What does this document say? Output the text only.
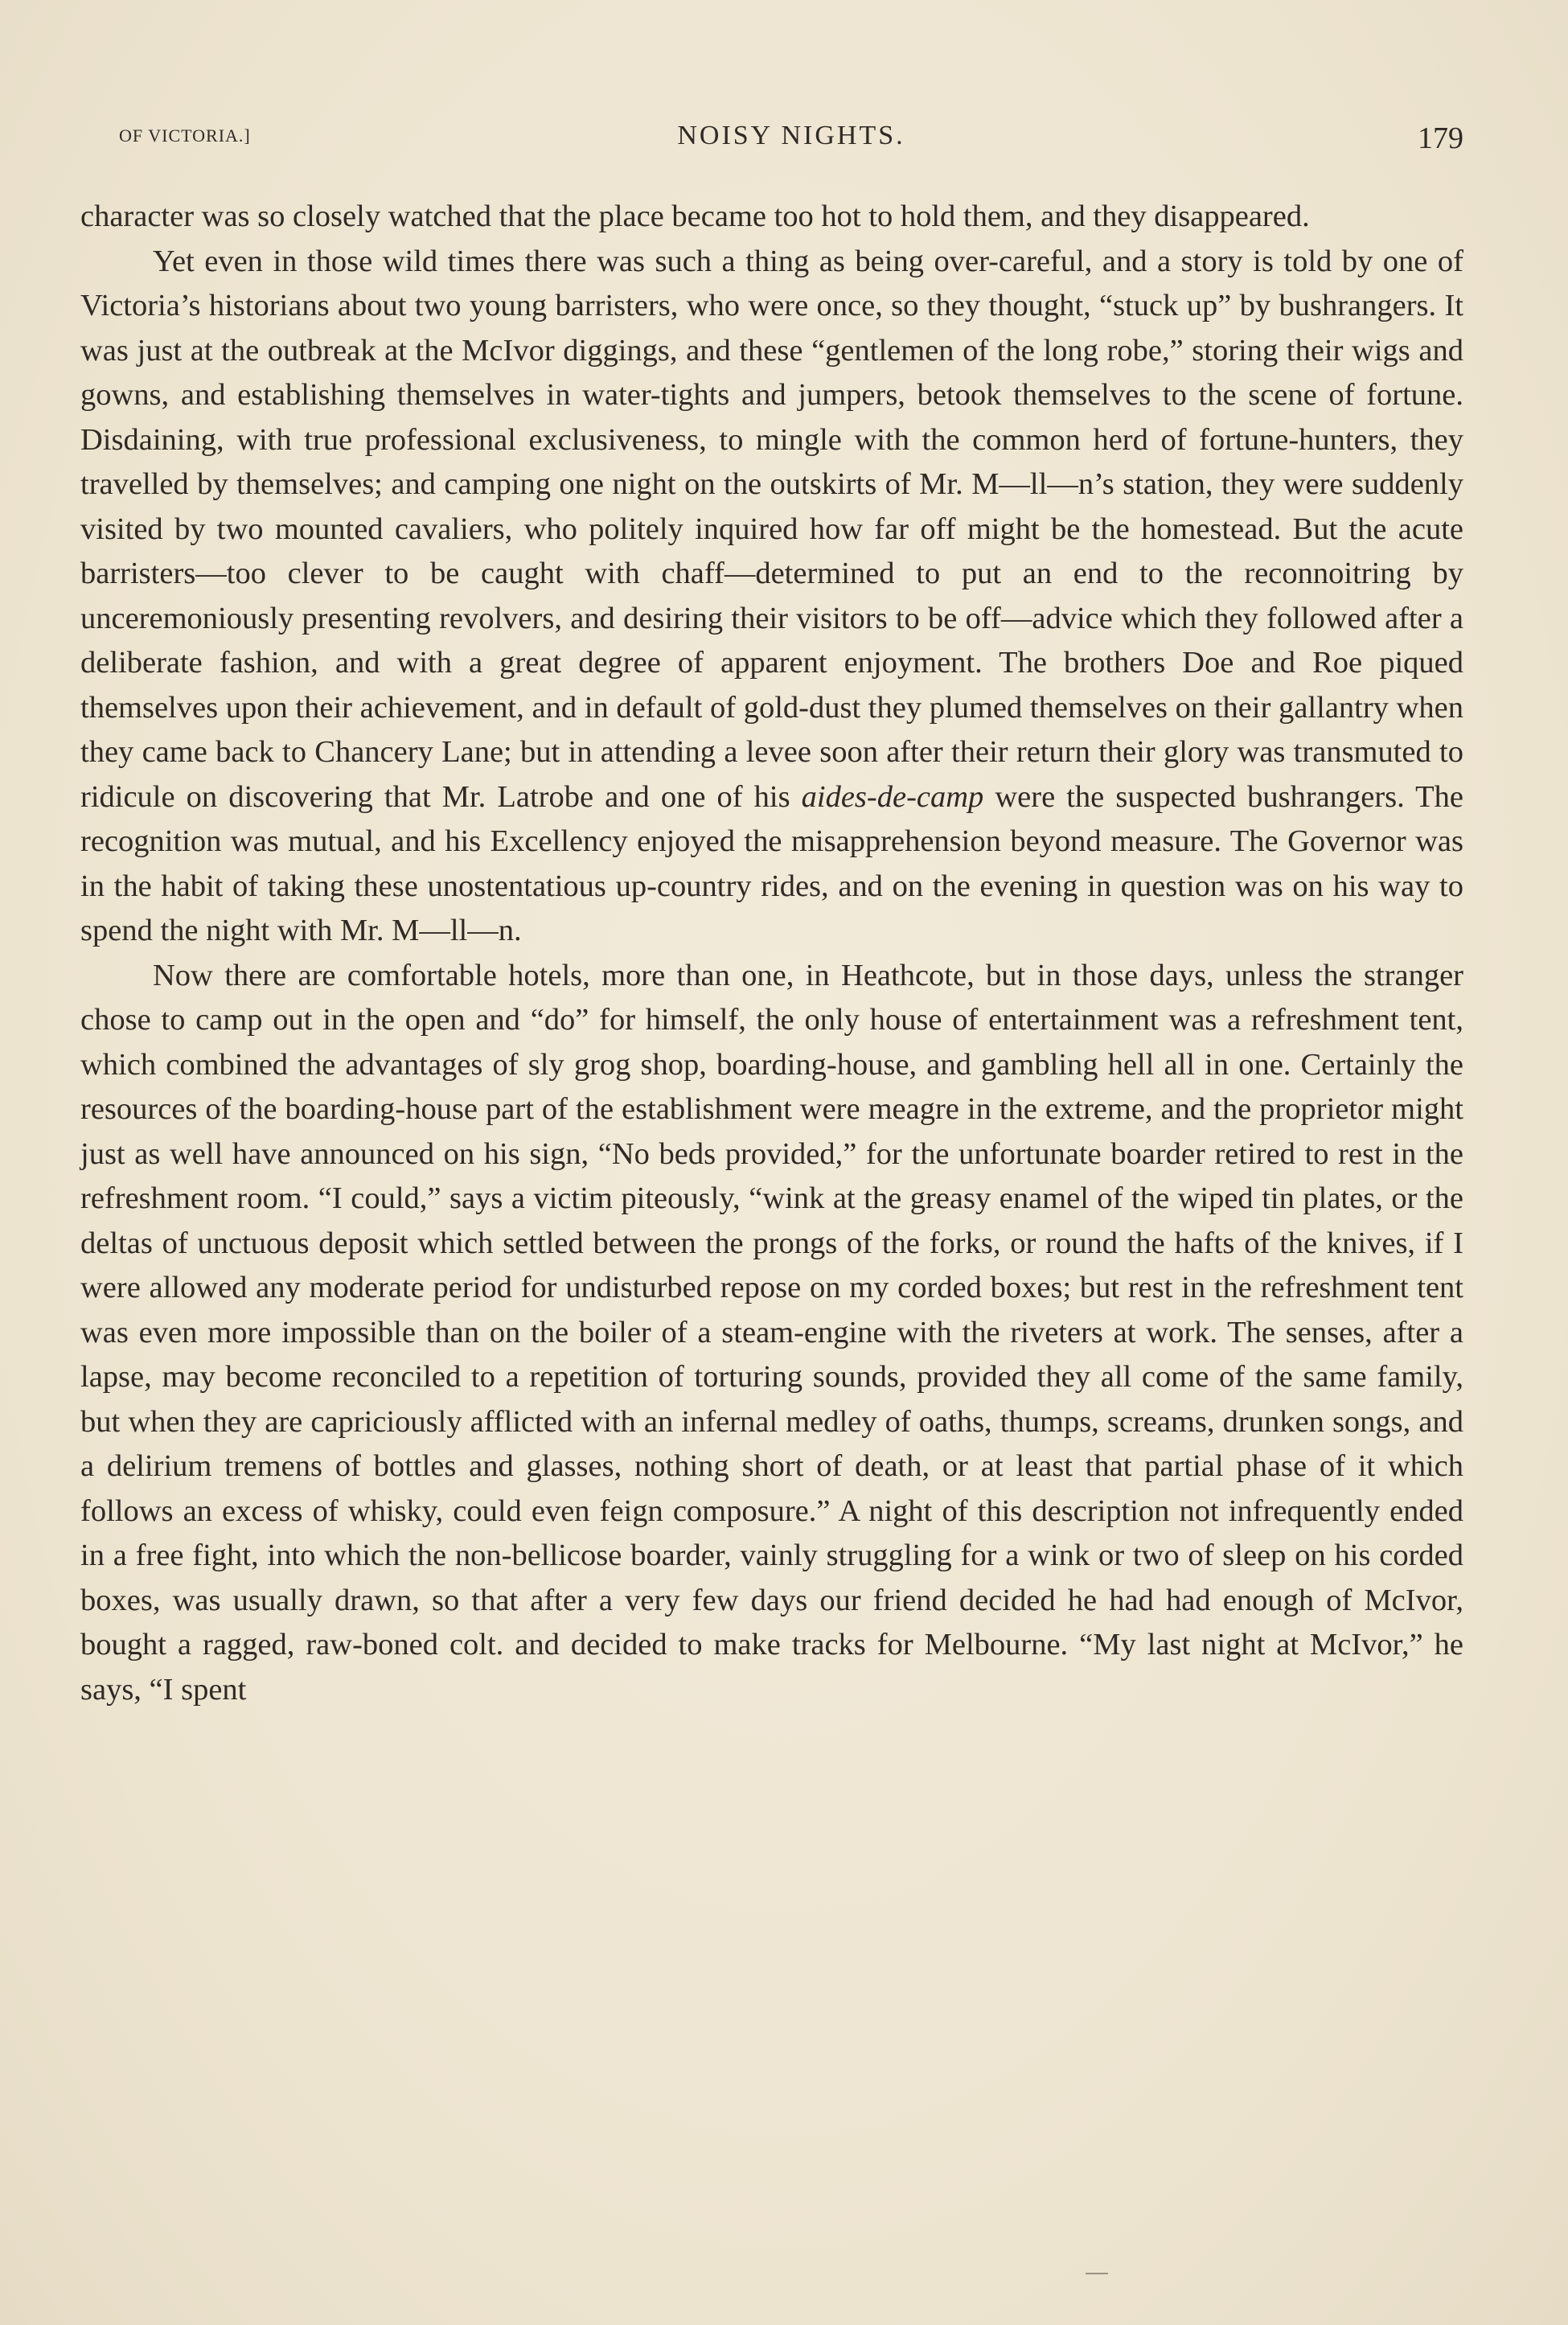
OF VICTORIA.]	NOISY NIGHTS.	179

character was so closely watched that the place became too hot to hold them, and they disappeared.

Yet even in those wild times there was such a thing as being over-careful, and a story is told by one of Victoria’s historians about two young barristers, who were once, so they thought, “stuck up” by bushrangers. It was just at the outbreak at the McIvor diggings, and these “gentlemen of the long robe,” storing their wigs and gowns, and establishing themselves in water-tights and jumpers, betook themselves to the scene of fortune. Disdaining, with true professional exclusiveness, to mingle with the common herd of fortune-hunters, they travelled by themselves; and camping one night on the outskirts of Mr. M—ll—n’s station, they were suddenly visited by two mounted cavaliers, who politely inquired how far off might be the homestead. But the acute barristers—too clever to be caught with chaff—determined to put an end to the reconnoitring by unceremoniously presenting revolvers, and desiring their visitors to be off—advice which they followed after a deliberate fashion, and with a great degree of apparent enjoyment. The brothers Doe and Roe piqued themselves upon their achievement, and in default of gold-dust they plumed themselves on their gallantry when they came back to Chancery Lane; but in attending a levee soon after their return their glory was transmuted to ridicule on discovering that Mr. Latrobe and one of his aides-de-camp were the suspected bushrangers. The recognition was mutual, and his Excellency enjoyed the misapprehension beyond measure. The Governor was in the habit of taking these unostentatious up-country rides, and on the evening in question was on his way to spend the night with Mr. M—ll—n.

Now there are comfortable hotels, more than one, in Heathcote, but in those days, unless the stranger chose to camp out in the open and “do” for himself, the only house of entertainment was a refreshment tent, which combined the advantages of sly grog shop, boarding-house, and gambling hell all in one. Certainly the resources of the boarding-house part of the establishment were meagre in the extreme, and the proprietor might just as well have announced on his sign, “No beds provided,” for the unfortunate boarder retired to rest in the refreshment room. “I could,” says a victim piteously, “wink at the greasy enamel of the wiped tin plates, or the deltas of unctuous deposit which settled between the prongs of the forks, or round the hafts of the knives, if I were allowed any moderate period for undisturbed repose on my corded boxes; but rest in the refreshment tent was even more impossible than on the boiler of a steam-engine with the riveters at work. The senses, after a lapse, may become reconciled to a repetition of torturing sounds, provided they all come of the same family, but when they are capriciously afflicted with an infernal medley of oaths, thumps, screams, drunken songs, and a delirium tremens of bottles and glasses, nothing short of death, or at least that partial phase of it which follows an excess of whisky, could even feign composure.” A night of this description not infrequently ended in a free fight, into which the non-bellicose boarder, vainly struggling for a wink or two of sleep on his corded boxes, was usually drawn, so that after a very few days our friend decided he had had enough of McIvor, bought a ragged, raw-boned colt. and decided to make tracks for Melbourne. “My last night at McIvor,” he says, “I spent
